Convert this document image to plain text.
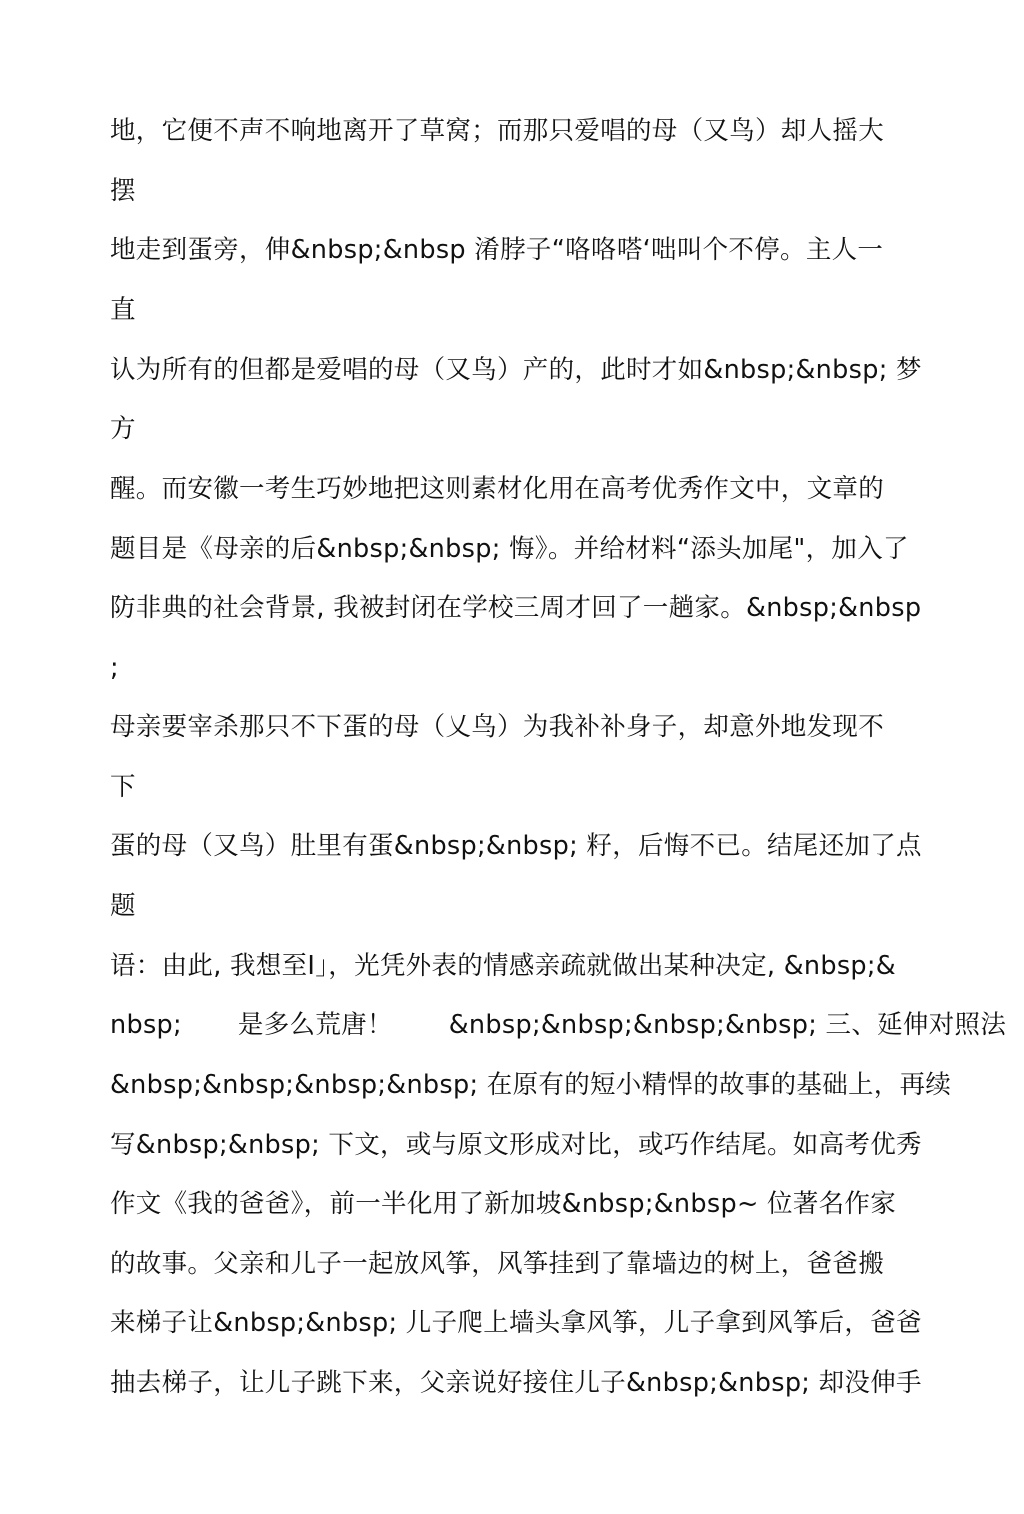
地，它便不声不响地离开了草窝；而那只爱唱的母（又鸟）却人摇大
摆
地走到蛋旁，伸&nbsp;&nbsp 淆脖子“咯咯嗒‘咄叫个不停。主人一
直
认为所有的但都是爱唱的母（又鸟）产的，此时才如&nbsp;&nbsp; 梦
方
醒。而安徽一考生巧妙地把这则素材化用在高考优秀作文中，文章的
题目是《母亲的后&nbsp;&nbsp; 悔》。并给材料“添头加尾"，加入了
防非典的社会背景, 我被封闭在学校三周才回了一趟家。&nbsp;&nbsp
;
母亲要宰杀那只不下蛋的母（乂鸟）为我补补身子，却意外地发现不
下
蛋的母（又鸟）肚里有蛋&nbsp;&nbsp; 籽，后悔不已。结尾还加了点
题
语：由此, 我想至I」，光凭外表的情感亲疏就做出某种决定, &nbsp;&
nbsp; 是多么荒唐！ &nbsp;&nbsp;&nbsp;&nbsp; 三、延伸对照法
&nbsp;&nbsp;&nbsp;&nbsp; 在原有的短小精悍的故事的基础上，再续
写&nbsp;&nbsp; 下文，或与原文形成对比，或巧作结尾。如高考优秀
作文《我的爸爸》，前一半化用了新加坡&nbsp;&nbsp~ 位著名作家
的故事。父亲和儿子一起放风筝，风筝挂到了靠墙边的树上，爸爸搬
来梯子让&nbsp;&nbsp; 儿子爬上墙头拿风筝，儿子拿到风筝后，爸爸
抽去梯子，让儿子跳下来，父亲说好接住儿子&nbsp;&nbsp; 却没伸手
